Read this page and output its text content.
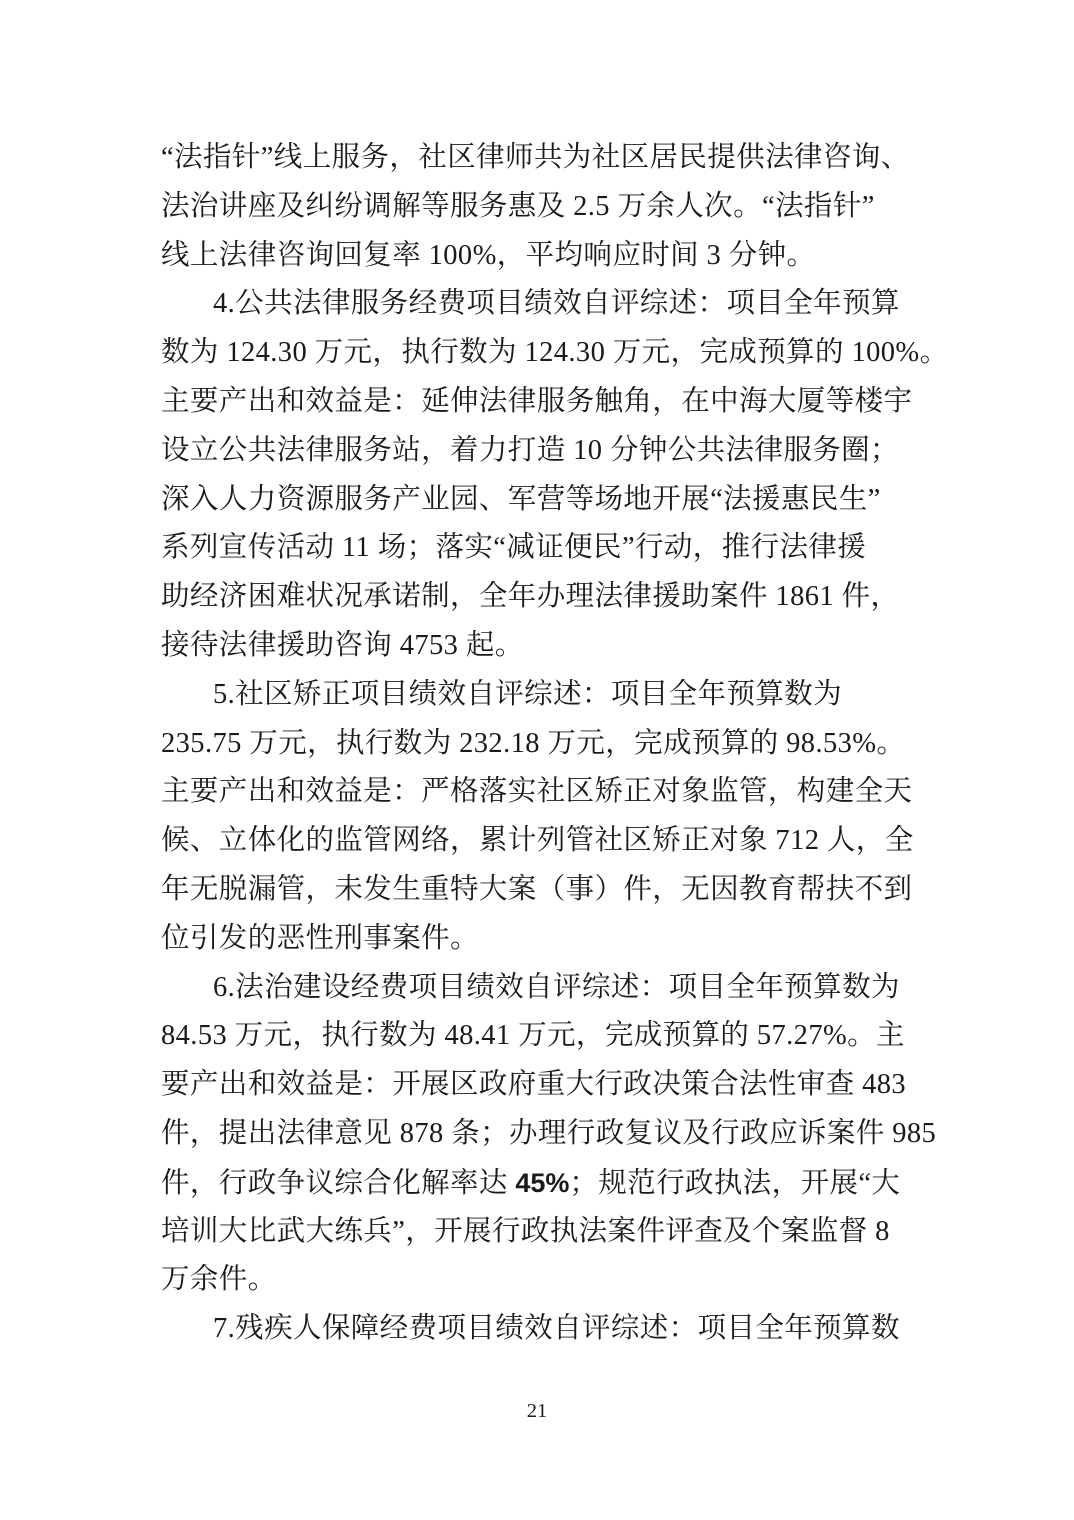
“法指针”线上服务，社区律师共为社区居民提供法律咨询、
法治讲座及纠纷调解等服务惠及 2.5 万余人次。“法指针”
线上法律咨询回复率 100%，平均响应时间 3 分钟。
4.公共法律服务经费项目绩效自评综述：项目全年预算
数为 124.30 万元，执行数为 124.30 万元，完成预算的 100%。
主要产出和效益是：延伸法律服务触角，在中海大厦等楼宇
设立公共法律服务站，着力打造 10 分钟公共法律服务圈；
深入人力资源服务产业园、军营等场地开展“法援惠民生”
系列宣传活动 11 场；落实“减证便民”行动，推行法律援
助经济困难状况承诺制，全年办理法律援助案件 1861 件，
接待法律援助咨询 4753 起。
5.社区矫正项目绩效自评综述：项目全年预算数为
235.75 万元，执行数为 232.18 万元，完成预算的 98.53%。
主要产出和效益是：严格落实社区矫正对象监管，构建全天
候、立体化的监管网络，累计列管社区矫正对象 712 人，全
年无脱漏管，未发生重特大案（事）件，无因教育帮扶不到
位引发的恶性刑事案件。
6.法治建设经费项目绩效自评综述：项目全年预算数为
84.53 万元，执行数为 48.41 万元，完成预算的 57.27%。主
要产出和效益是：开展区政府重大行政决策合法性审查 483
件，提出法律意见 878 条；办理行政复议及行政应诉案件 985
件，行政争议综合化解率达 45%；规范行政执法，开展“大
培训大比武大练兵”，开展行政执法案件评查及个案监督 8
万余件。
7.残疾人保障经费项目绩效自评综述：项目全年预算数
21
